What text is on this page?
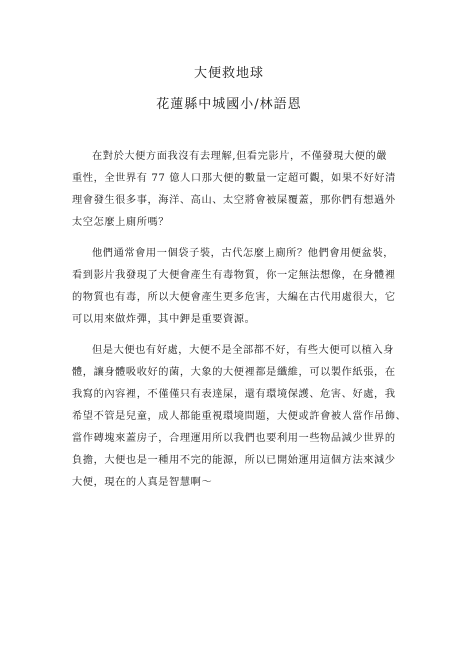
大便救地球
花蓮縣中城國小/林語恩
在對於大便方面我沒有去理解,但看完影片，不僅發現大便的嚴
重性，全世界有 77 億人口那大便的數量一定超可觀，如果不好好清
理會發生很多事，海洋、高山、太空將會被屎覆蓋，那你們有想過外
太空怎麼上廁所嗎？
他們通常會用一個袋子裝，古代怎麼上廁所？他們會用便盆裝，
看到影片我發現了大便會產生有毒物質，你一定無法想像，在身體裡
的物質也有毒，所以大便會產生更多危害，大編在古代用處很大，它
可以用來做炸彈，其中鉀是重要資源。
但是大便也有好處，大便不是全部都不好，有些大便可以植入身
體，讓身體吸收好的菌，大象的大便裡都是纖維，可以製作紙張，在
我寫的內容裡，不僅僅只有表達屎，還有環境保護、危害、好處，我
希望不管是兒童，成人都能重視環境問題，大便或許會被人當作吊飾、
當作磚塊來蓋房子，合理運用所以我們也要利用一些物品減少世界的
負擔，大便也是一種用不完的能源，所以已開始運用這個方法來減少
大便，現在的人真是智慧啊～
